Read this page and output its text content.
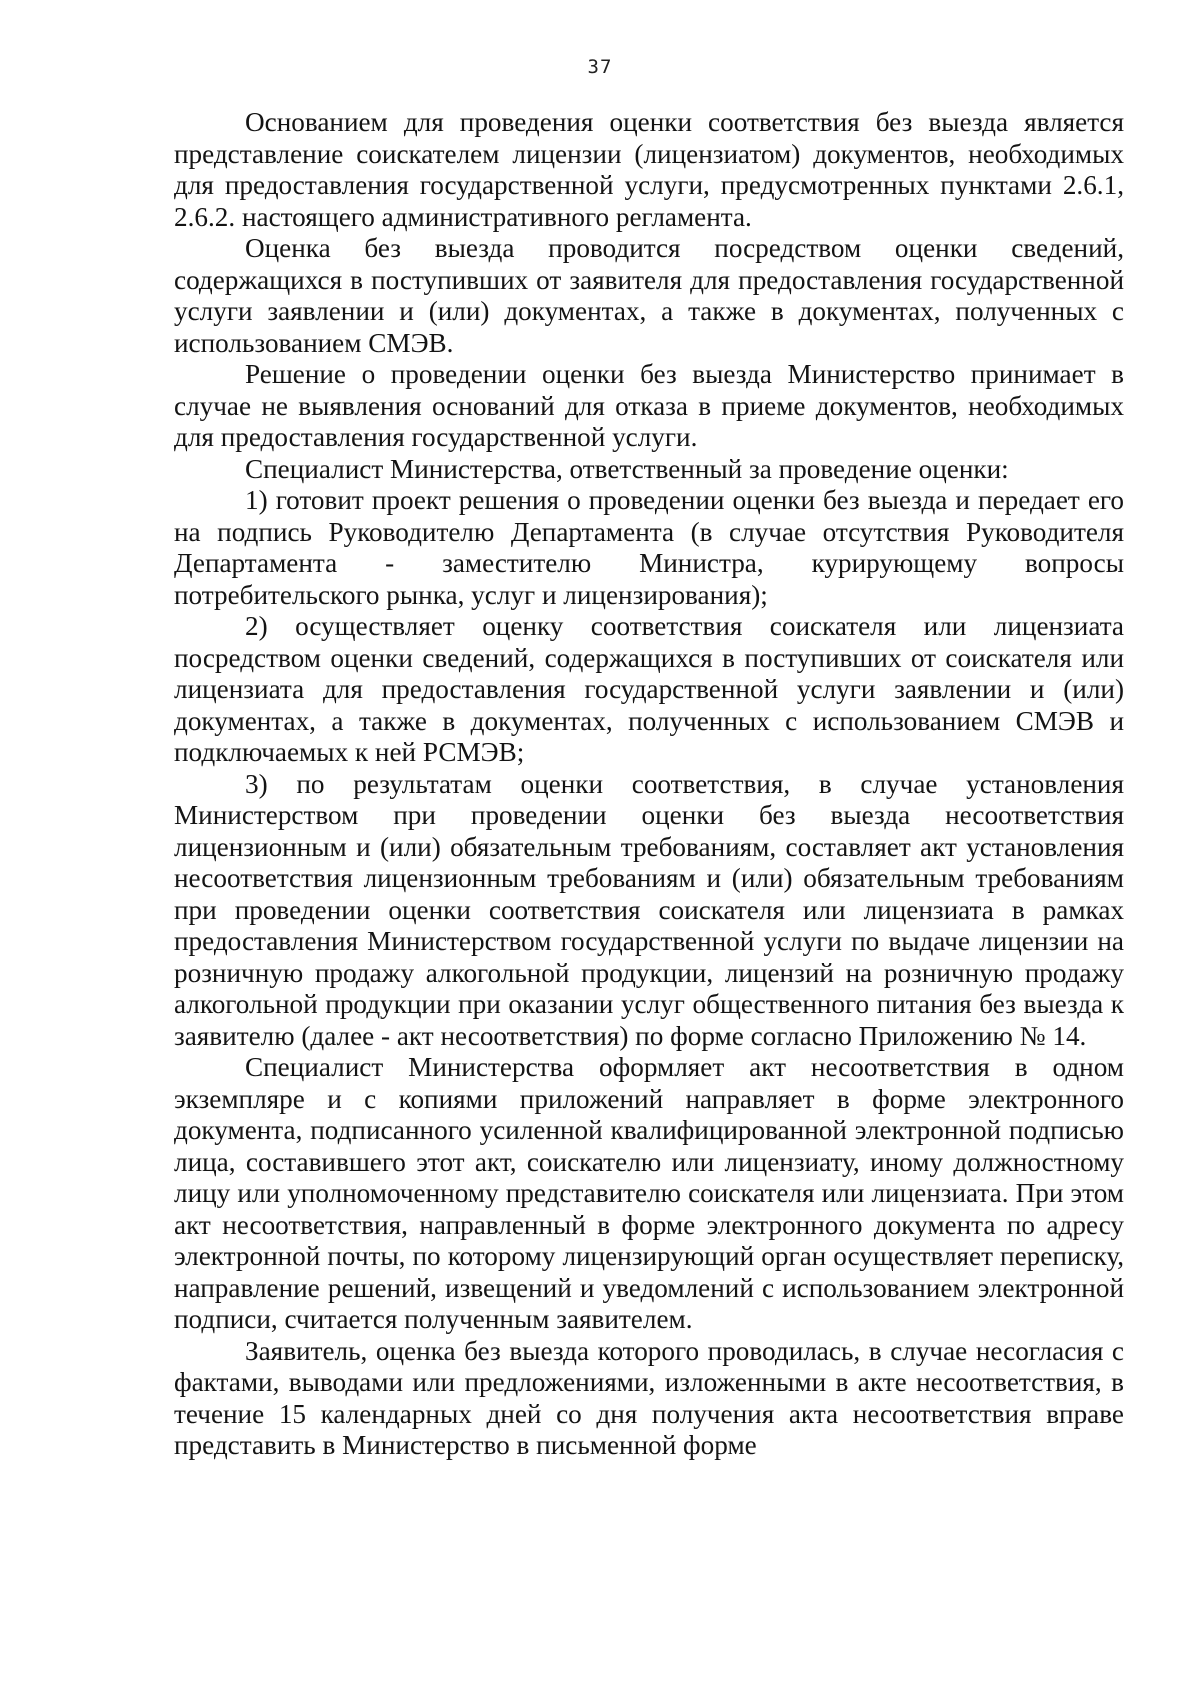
37

Основанием для проведения оценки соответствия без выезда является представление соискателем лицензии (лицензиатом) документов, необходимых для предоставления государственной услуги, предусмотренных пунктами 2.6.1, 2.6.2. настоящего административного регламента.

Оценка без выезда проводится посредством оценки сведений, содержащихся в поступивших от заявителя для предоставления государственной услуги заявлении и (или) документах, а также в документах, полученных с использованием СМЭВ.

Решение о проведении оценки без выезда Министерство принимает в случае не выявления оснований для отказа в приеме документов, необходимых для предоставления государственной услуги.

Специалист Министерства, ответственный за проведение оценки:

1) готовит проект решения о проведении оценки без выезда и передает его на подпись Руководителю Департамента (в случае отсутствия Руководителя Департамента - заместителю Министра, курирующему вопросы потребительского рынка, услуг и лицензирования);

2) осуществляет оценку соответствия соискателя или лицензиата посредством оценки сведений, содержащихся в поступивших от соискателя или лицензиата для предоставления государственной услуги заявлении и (или) документах, а также в документах, полученных с использованием СМЭВ и подключаемых к ней РСМЭВ;

3) по результатам оценки соответствия, в случае установления Министерством при проведении оценки без выезда несоответствия лицензионным и (или) обязательным требованиям, составляет акт установления несоответствия лицензионным требованиям и (или) обязательным требованиям при проведении оценки соответствия соискателя или лицензиата в рамках предоставления Министерством государственной услуги по выдаче лицензии на розничную продажу алкогольной продукции, лицензий на розничную продажу алкогольной продукции при оказании услуг общественного питания без выезда к заявителю (далее - акт несоответствия) по форме согласно Приложению № 14.

Специалист Министерства оформляет акт несоответствия в одном экземпляре и с копиями приложений направляет в форме электронного документа, подписанного усиленной квалифицированной электронной подписью лица, составившего этот акт, соискателю или лицензиату, иному должностному лицу или уполномоченному представителю соискателя или лицензиата. При этом акт несоответствия, направленный в форме электронного документа по адресу электронной почты, по которому лицензирующий орган осуществляет переписку, направление решений, извещений и уведомлений с использованием электронной подписи, считается полученным заявителем.

Заявитель, оценка без выезда которого проводилась, в случае несогласия с фактами, выводами или предложениями, изложенными в акте несоответствия, в течение 15 календарных дней со дня получения акта несоответствия вправе представить в Министерство в письменной форме
